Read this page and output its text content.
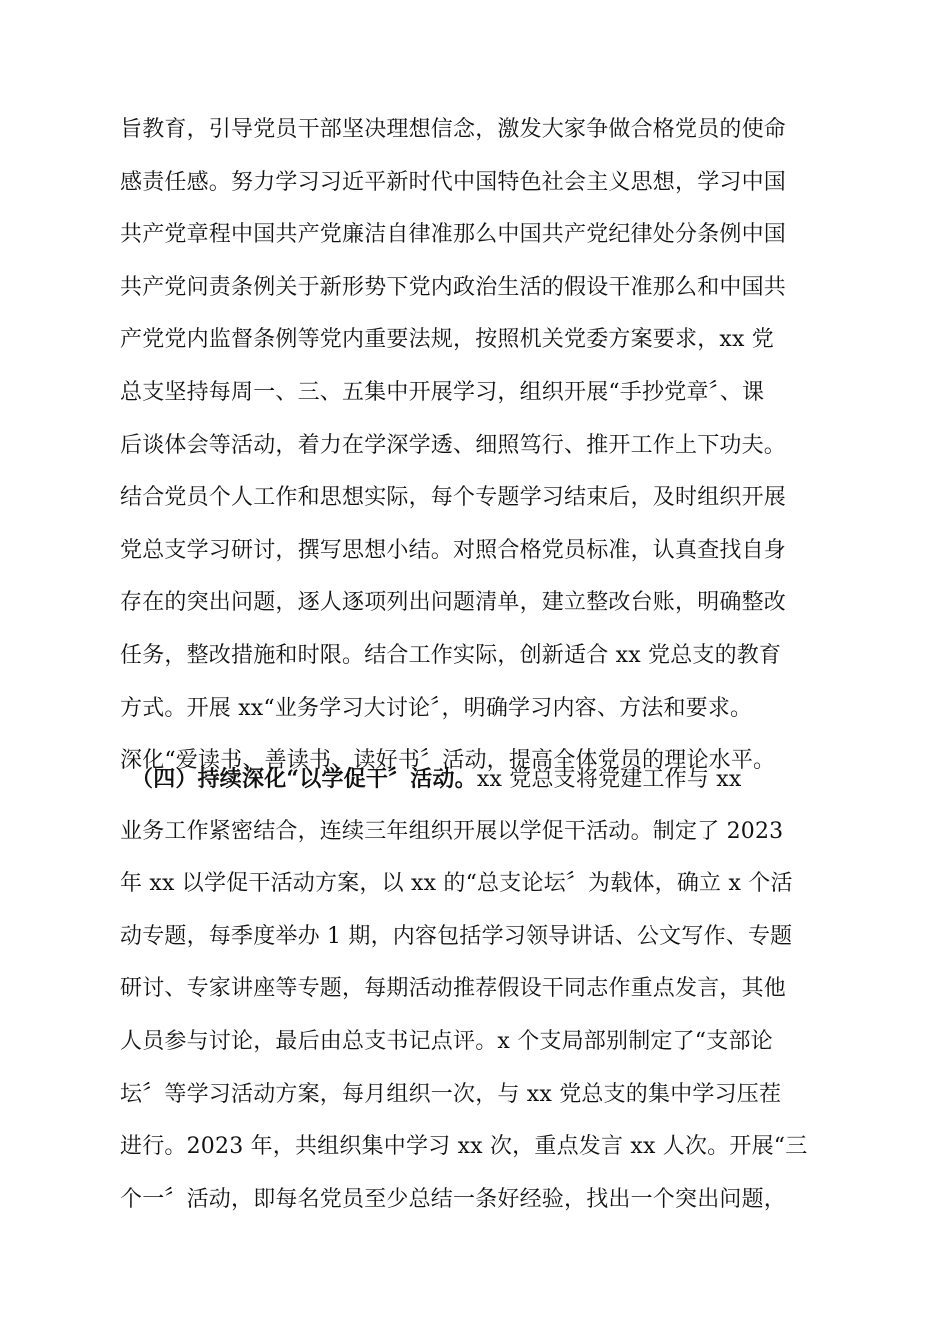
旨教育，引导党员干部坚决理想信念，激发大家争做合格党员的使命
感责任感。努力学习习近平新时代中国特色社会主义思想，学习中国
共产党章程中国共产党廉洁自律准那么中国共产党纪律处分条例中国
共产党问责条例关于新形势下党内政治生活的假设干准那么和中国共
产党党内监督条例等党内重要法规，按照机关党委方案要求，xx 党
总支坚持每周一、三、五集中开展学习，组织开展“手抄党章〞、课
后谈体会等活动，着力在学深学透、细照笃行、推开工作上下功夫。
结合党员个人工作和思想实际，每个专题学习结束后，及时组织开展
党总支学习研讨，撰写思想小结。对照合格党员标准，认真查找自身
存在的突出问题，逐人逐项列出问题清单，建立整改台账，明确整改
任务，整改措施和时限。结合工作实际，创新适合 xx 党总支的教育
方式。开展 xx“业务学习大讨论〞，明确学习内容、方法和要求。
深化“爱读书、善读书、读好书〞活动，提高全体党员的理论水平。
（四）持续深化“以学促干〞活动。xx 党总支将党建工作与 xx
业务工作紧密结合，连续三年组织开展以学促干活动。制定了 2023
年 xx 以学促干活动方案，以 xx 的“总支论坛〞为载体，确立 x 个活
动专题，每季度举办 1 期，内容包括学习领导讲话、公文写作、专题
研讨、专家讲座等专题，每期活动推荐假设干同志作重点发言，其他
人员参与讨论，最后由总支书记点评。x 个支局部别制定了“支部论
坛〞等学习活动方案，每月组织一次，与 xx 党总支的集中学习压茬
进行。2023 年，共组织集中学习 xx 次，重点发言 xx 人次。开展“三
个一〞活动，即每名党员至少总结一条好经验，找出一个突出问题，
